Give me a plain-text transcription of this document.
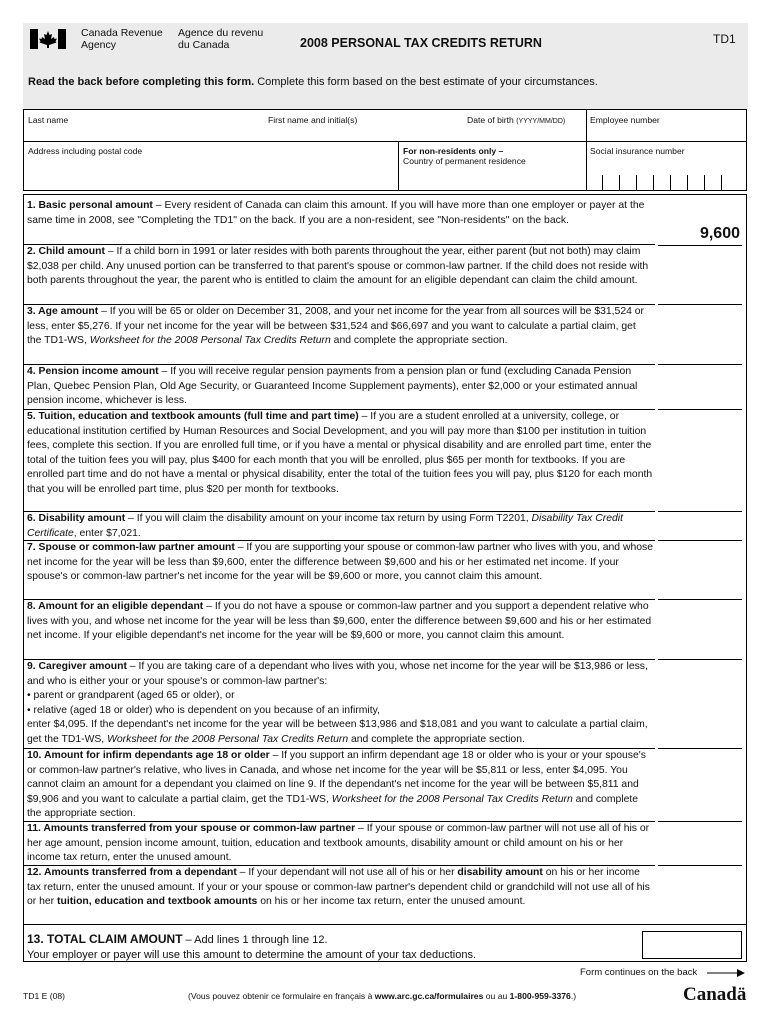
Canada Revenue
Agency
Agence du revenu
du Canada	2008 PERSONAL TAX CREDITS RETURN	TD1
Read the back before completing this form. Complete this form based on the best estimate of your circumstances.
Last name	First name and initial(s)	Date of birth (YYYY/MM/DD)	Employee number
Address including postal code	For non-residents only –
Country of permanent residence
Social insurance number
1. Basic personal amount – Every resident of Canada can claim this amount. If you will have more than one employer or payer at the same time in 2008, see "Completing the TD1" on the back. If you are a non-resident, see "Non-residents" on the back.
9,600
2. Child amount – If a child born in 1991 or later resides with both parents throughout the year, either parent (but not both) may claim $2,038 per child. Any unused portion can be transferred to that parent's spouse or common-law partner. If the child does not reside with both parents throughout the year, the parent who is entitled to claim the amount for an eligible dependant can claim the child amount.
3. Age amount – If you will be 65 or older on December 31, 2008, and your net income for the year from all sources will be $31,524 or less, enter $5,276. If your net income for the year will be between $31,524 and $66,697 and you want to calculate a partial claim, get the TD1-WS, Worksheet for the 2008 Personal Tax Credits Return and complete the appropriate section.
4. Pension income amount – If you will receive regular pension payments from a pension plan or fund (excluding Canada Pension Plan, Quebec Pension Plan, Old Age Security, or Guaranteed Income Supplement payments), enter $2,000 or your estimated annual pension income, whichever is less.
5. Tuition, education and textbook amounts (full time and part time) – If you are a student enrolled at a university, college, or educational institution certified by Human Resources and Social Development, and you will pay more than $100 per institution in tuition fees, complete this section. If you are enrolled full time, or if you have a mental or physical disability and are enrolled part time, enter the total of the tuition fees you will pay, plus $400 for each month that you will be enrolled, plus $65 per month for textbooks. If you are enrolled part time and do not have a mental or physical disability, enter the total of the tuition fees you will pay, plus $120 for each month that you will be enrolled part time, plus $20 per month for textbooks.
6. Disability amount – If you will claim the disability amount on your income tax return by using Form T2201, Disability Tax Credit Certificate, enter $7,021.
7. Spouse or common-law partner amount – If you are supporting your spouse or common-law partner who lives with you, and whose net income for the year will be less than $9,600, enter the difference between $9,600 and his or her estimated net income. If your spouse's or common-law partner's net income for the year will be $9,600 or more, you cannot claim this amount.
8. Amount for an eligible dependant – If you do not have a spouse or common-law partner and you support a dependent relative who lives with you, and whose net income for the year will be less than $9,600, enter the difference between $9,600 and his or her estimated net income. If your eligible dependant's net income for the year will be $9,600 or more, you cannot claim this amount.
9. Caregiver amount – If you are taking care of a dependant who lives with you, whose net income for the year will be $13,986 or less, and who is either your or your spouse's or common-law partner's:
• parent or grandparent (aged 65 or older), or
• relative (aged 18 or older) who is dependent on you because of an infirmity,
enter $4,095. If the dependant's net income for the year will be between $13,986 and $18,081 and you want to calculate a partial claim, get the TD1-WS, Worksheet for the 2008 Personal Tax Credits Return and complete the appropriate section.
10. Amount for infirm dependants age 18 or older – If you support an infirm dependant age 18 or older who is your or your spouse's or common-law partner's relative, who lives in Canada, and whose net income for the year will be $5,811 or less, enter $4,095. You cannot claim an amount for a dependant you claimed on line 9. If the dependant's net income for the year will be between $5,811 and $9,906 and you want to calculate a partial claim, get the TD1-WS, Worksheet for the 2008 Personal Tax Credits Return and complete the appropriate section.
11. Amounts transferred from your spouse or common-law partner – If your spouse or common-law partner will not use all of his or her age amount, pension income amount, tuition, education and textbook amounts, disability amount or child amount on his or her income tax return, enter the unused amount.
12. Amounts transferred from a dependant – If your dependant will not use all of his or her disability amount on his or her income tax return, enter the unused amount. If your or your spouse or common-law partner's dependent child or grandchild will not use all of his or her tuition, education and textbook amounts on his or her income tax return, enter the unused amount.
13. TOTAL CLAIM AMOUNT – Add lines 1 through line 12.
Your employer or payer will use this amount to determine the amount of your tax deductions.
Form continues on the back
TD1 E (08)	(Vous pouvez obtenir ce formulaire en français à www.arc.gc.ca/formulaires ou au 1-800-959-3376.)	Canadä
